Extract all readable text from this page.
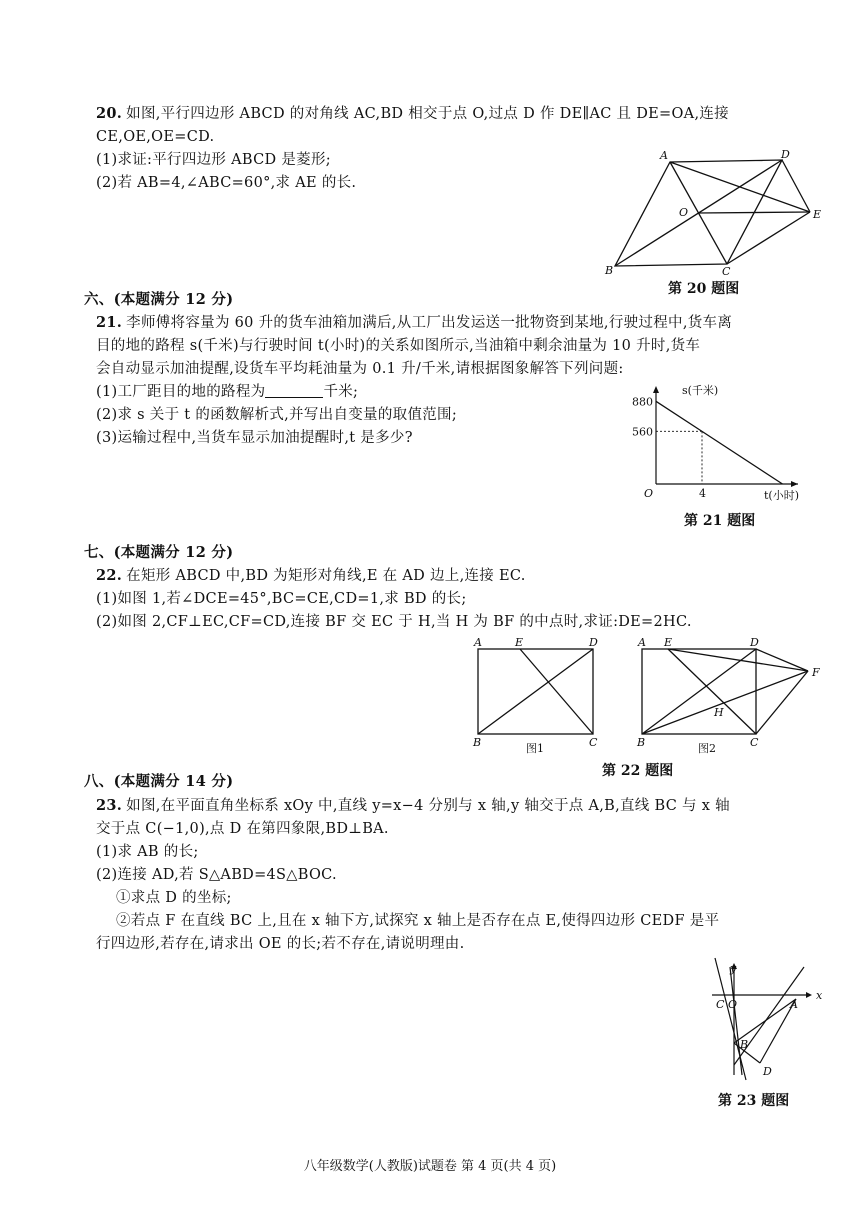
20. 如图,平行四边形 ABCD 的对角线 AC,BD 相交于点 O,过点 D 作 DE∥AC 且 DE=OA,连接
CE,OE,OE=CD.
(1)求证:平行四边形 ABCD 是菱形;
(2)若 AB=4,∠ABC=60°,求 AE 的长.
A	D
O	E
B	C
第 20 题图
六、(本题满分 12 分)
21. 李师傅将容量为 60 升的货车油箱加满后,从工厂出发运送一批物资到某地,行驶过程中,货车离
目的地的路程 s(千米)与行驶时间 t(小时)的关系如图所示,当油箱中剩余油量为 10 升时,货车
会自动显示加油提醒,设货车平均耗油量为 0.1 升/千米,请根据图象解答下列问题:
(1)工厂距目的地的路程为	千米;
(2)求 s 关于 t 的函数解析式,并写出自变量的取值范围;
(3)运输过程中,当货车显示加油提醒时,t 是多少?
s(千米)
t(小时)
O
560
880
4
第 21 题图
七、(本题满分 12 分)
22. 在矩形 ABCD 中,BD 为矩形对角线,E 在 AD 边上,连接 EC.
(1)如图 1,若∠DCE=45°,BC=CE,CD=1,求 BD 的长;
(2)如图 2,CF⊥EC,CF=CD,连接 BF 交 EC 于 H,当 H 为 BF 的中点时,求证:DE=2HC.
A	E	D
B	C
图1
A E	D
F
H
B	C
图2
第 22 题图
八、(本题满分 14 分)
23. 如图,在平面直角坐标系 xOy 中,直线 y=x−4 分别与 x 轴,y 轴交于点 A,B,直线 BC 与 x 轴
交于点 C(−1,0),点 D 在第四象限,BD⊥BA.
(1)求 AB 的长;
(2)连接 AD,若 S△ABD=4S△BOC.
①求点 D 的坐标;
②若点 F 在直线 BC 上,且在 x 轴下方,试探究 x 轴上是否存在点 E,使得四边形 CEDF 是平
行四边形,若存在,请求出 OE 的长;若不存在,请说明理由.
y
x
C O	A
B
D
第 23 题图
八年级数学(人教版)试题卷 第 4 页(共 4 页)
